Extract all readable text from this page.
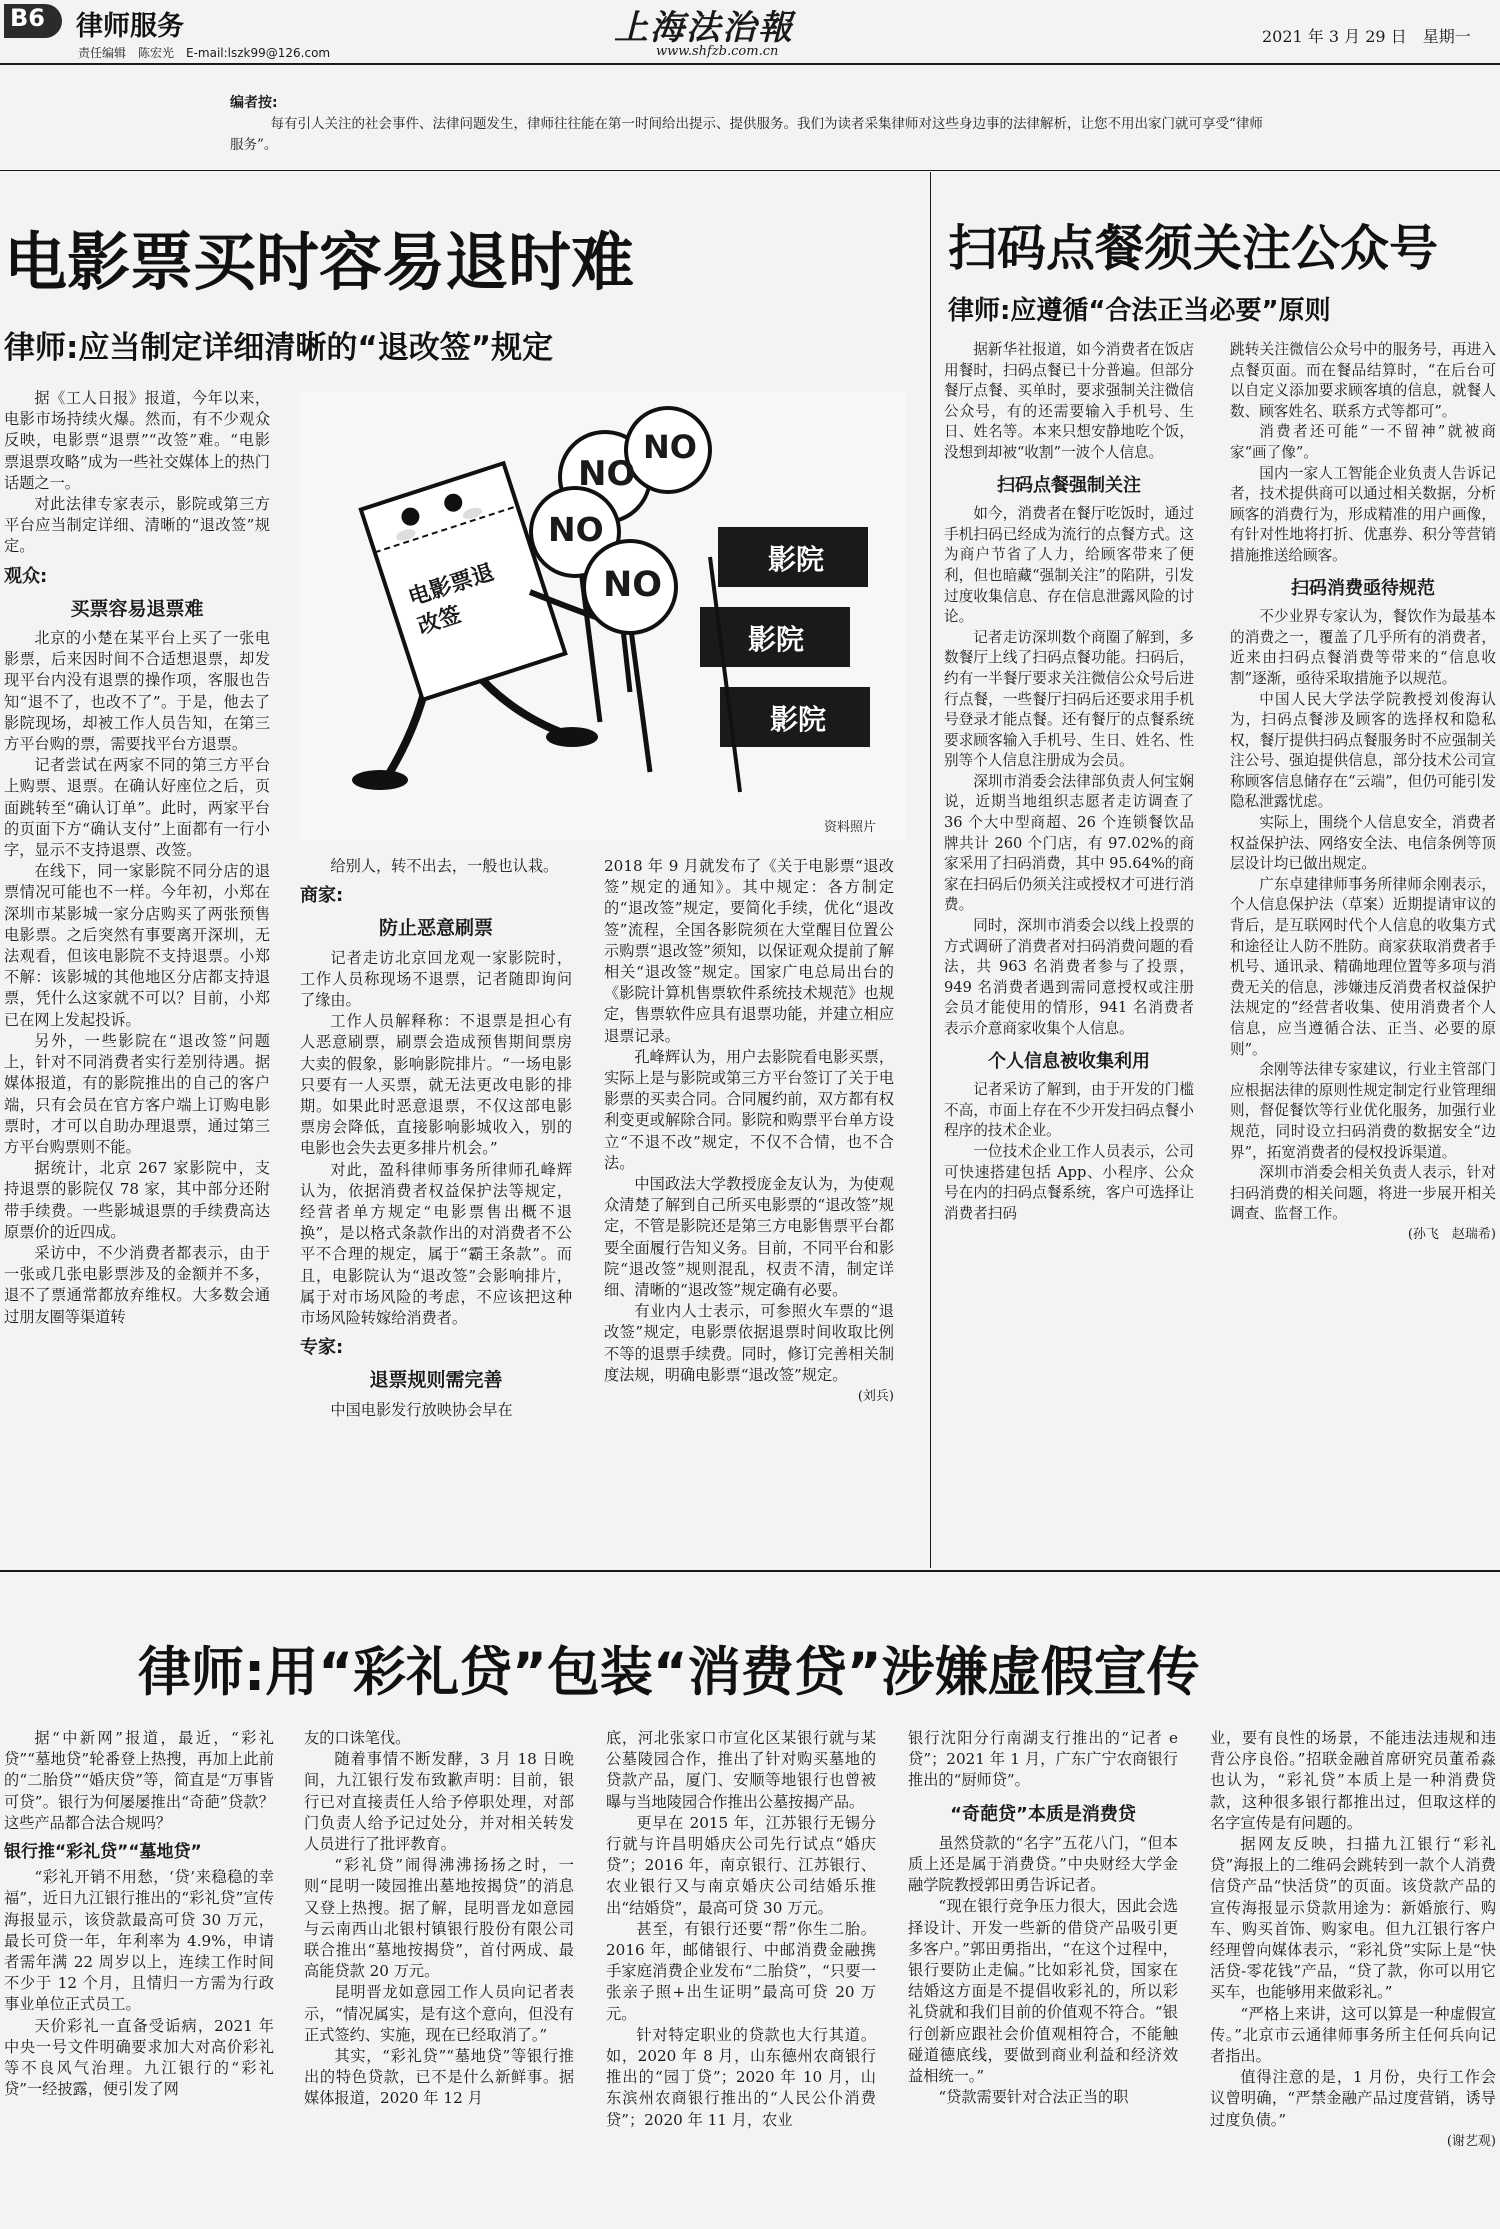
B6 律师服务
责任编辑　陈宏光　E-mail:lszk99@126.com
上海法治報
www.shfzb.com.cn
2021 年 3 月 29 日　星期一
编者按:
每有引人关注的社会事件、法律问题发生，律师往往能在第一时间给出提示、提供服务。我们为读者采集律师对这些身边事的法律解析，让您不用出家门就可享受“律师服务”。
电影票买时容易退时难
律师:应当制定详细清晰的“退改签”规定
电影票退改签
NO
NO
NO
NO
影院
影院
影院
资料照片

据《工人日报》报道，今年以来，电影市场持续火爆。然而，有不少观众反映，电影票“退票”“改签”难。“电影票退票攻略”成为一些社交媒体上的热门话题之一。

对此法律专家表示，影院或第三方平台应当制定详细、清晰的“退改签”规定。

观众:
买票容易退票难

北京的小楚在某平台上买了一张电影票，后来因时间不合适想退票，却发现平台内没有退票的操作项，客服也告知“退不了，也改不了”。于是，他去了影院现场，却被工作人员告知，在第三方平台购的票，需要找平台方退票。

记者尝试在两家不同的第三方平台上购票、退票。在确认好座位之后，页面跳转至“确认订单”。此时，两家平台的页面下方“确认支付”上面都有一行小字，显示不支持退票、改签。

在线下，同一家影院不同分店的退票情况可能也不一样。今年初，小郑在深圳市某影城一家分店购买了两张预售电影票。之后突然有事要离开深圳，无法观看，但该电影院不支持退票。小郑不解：该影城的其他地区分店都支持退票，凭什么这家就不可以？目前，小郑已在网上发起投诉。

另外，一些影院在“退改签”问题上，针对不同消费者实行差别待遇。据媒体报道，有的影院推出的自己的客户端，只有会员在官方客户端上订购电影票时，才可以自助办理退票，通过第三方平台购票则不能。

据统计，北京 267 家影院中，支持退票的影院仅 78 家，其中部分还附带手续费。一些影城退票的手续费高达原票价的近四成。

采访中，不少消费者都表示，由于一张或几张电影票涉及的金额并不多，退不了票通常都放弃维权。大多数会通过朋友圈等渠道转

给别人，转不出去，一般也认栽。

商家:
防止恶意刷票

记者走访北京回龙观一家影院时，工作人员称现场不退票，记者随即询问了缘由。

工作人员解释称：不退票是担心有人恶意刷票，刷票会造成预售期间票房大卖的假象，影响影院排片。“一场电影只要有一人买票，就无法更改电影的排期。如果此时恶意退票，不仅这部电影票房会降低，直接影响影城收入，别的电影也会失去更多排片机会。”

对此，盈科律师事务所律师孔峰辉认为，依据消费者权益保护法等规定，经营者单方规定“电影票售出概不退换”，是以格式条款作出的对消费者不公平不合理的规定，属于“霸王条款”。而且，电影院认为“退改签”会影响排片，属于对市场风险的考虑，不应该把这种市场风险转嫁给消费者。

专家:
退票规则需完善

中国电影发行放映协会早在

2018 年 9 月就发布了《关于电影票“退改签”规定的通知》。其中规定：各方制定的“退改签”规定，要简化手续，优化“退改签”流程，全国各影院须在大堂醒目位置公示购票“退改签”须知，以保证观众提前了解相关“退改签”规定。国家广电总局出台的《影院计算机售票软件系统技术规范》也规定，售票软件应具有退票功能，并建立相应退票记录。

孔峰辉认为，用户去影院看电影买票，实际上是与影院或第三方平台签订了关于电影票的买卖合同。合同履约前，双方都有权利变更或解除合同。影院和购票平台单方设立“不退不改”规定，不仅不合情，也不合法。

中国政法大学教授庞金友认为，为使观众清楚了解到自己所买电影票的“退改签”规定，不管是影院还是第三方电影售票平台都要全面履行告知义务。目前，不同平台和影院“退改签”规则混乱，权责不清，制定详细、清晰的“退改签”规定确有必要。

有业内人士表示，可参照火车票的“退改签”规定，电影票依据退票时间收取比例不等的退票手续费。同时，修订完善相关制度法规，明确电影票“退改签”规定。

(刘兵)
扫码点餐须关注公众号
律师:应遵循“合法正当必要”原则

据新华社报道，如今消费者在饭店用餐时，扫码点餐已十分普遍。但部分餐厅点餐、买单时，要求强制关注微信公众号，有的还需要输入手机号、生日、姓名等。本来只想安静地吃个饭，没想到却被“收割”一波个人信息。

扫码点餐强制关注

如今，消费者在餐厅吃饭时，通过手机扫码已经成为流行的点餐方式。这为商户节省了人力，给顾客带来了便利，但也暗藏“强制关注”的陷阱，引发过度收集信息、存在信息泄露风险的讨论。

记者走访深圳数个商圈了解到，多数餐厅上线了扫码点餐功能。扫码后，约有一半餐厅要求关注微信公众号后进行点餐，一些餐厅扫码后还要求用手机号登录才能点餐。还有餐厅的点餐系统要求顾客输入手机号、生日、姓名、性别等个人信息注册成为会员。

深圳市消委会法律部负责人何宝娴说，近期当地组织志愿者走访调查了 36 个大中型商超、26 个连锁餐饮品牌共计 260 个门店，有 97.02%的商家采用了扫码消费，其中 95.64%的商家在扫码后仍须关注或授权才可进行消费。

同时，深圳市消委会以线上投票的方式调研了消费者对扫码消费问题的看法，共 963 名消费者参与了投票，949 名消费者遇到需同意授权或注册会员才能使用的情形，941 名消费者表示介意商家收集个人信息。

个人信息被收集利用

记者采访了解到，由于开发的门槛不高，市面上存在不少开发扫码点餐小程序的技术企业。

一位技术企业工作人员表示，公司可快速搭建包括 App、小程序、公众号在内的扫码点餐系统，客户可选择让消费者扫码

跳转关注微信公众号中的服务号，再进入点餐页面。而在餐品结算时，“在后台可以自定义添加要求顾客填的信息，就餐人数、顾客姓名、联系方式等都可”。

消费者还可能“一不留神”就被商家“画了像”。

国内一家人工智能企业负责人告诉记者，技术提供商可以通过相关数据，分析顾客的消费行为，形成精准的用户画像，有针对性地将打折、优惠券、积分等营销措施推送给顾客。

扫码消费亟待规范

不少业界专家认为，餐饮作为最基本的消费之一，覆盖了几乎所有的消费者，近来由扫码点餐消费等带来的“信息收割”逐渐，亟待采取措施予以规范。

中国人民大学法学院教授刘俊海认为，扫码点餐涉及顾客的选择权和隐私权，餐厅提供扫码点餐服务时不应强制关注公号、强迫提供信息，部分技术公司宣称顾客信息储存在“云端”，但仍可能引发隐私泄露忧虑。

实际上，围绕个人信息安全，消费者权益保护法、网络安全法、电信条例等顶层设计均已做出规定。

广东卓建律师事务所律师余刚表示，个人信息保护法（草案）近期提请审议的背后，是互联网时代个人信息的收集方式和途径让人防不胜防。商家获取消费者手机号、通讯录、精确地理位置等多项与消费无关的信息，涉嫌违反消费者权益保护法规定的“经营者收集、使用消费者个人信息，应当遵循合法、正当、必要的原则”。

余刚等法律专家建议，行业主管部门应根据法律的原则性规定制定行业管理细则，督促餐饮等行业优化服务，加强行业规范，同时设立扫码消费的数据安全“边界”，拓宽消费者的侵权投诉渠道。

深圳市消委会相关负责人表示，针对扫码消费的相关问题，将进一步展开相关调查、监督工作。

(孙飞　赵瑞希)
律师:用“彩礼贷”包装“消费贷”涉嫌虚假宣传

据“中新网”报道，最近，“彩礼贷”“墓地贷”轮番登上热搜，再加上此前的“二胎贷”“婚庆贷”等，简直是“万事皆可贷”。银行为何屡屡推出“奇葩”贷款？这些产品都合法合规吗？

银行推“彩礼贷”“墓地贷”

“彩礼开销不用愁，‘贷’来稳稳的幸福”，近日九江银行推出的“彩礼贷”宣传海报显示，该贷款最高可贷 30 万元，最长可贷一年，年利率为 4.9%，申请者需年满 22 周岁以上，连续工作时间不少于 12 个月，且情归一方需为行政事业单位正式员工。

天价彩礼一直备受诟病，2021 年中央一号文件明确要求加大对高价彩礼等不良风气治理。九江银行的“彩礼贷”一经披露，便引发了网

友的口诛笔伐。

随着事情不断发酵，3 月 18 日晚间，九江银行发布致歉声明：目前，银行已对直接责任人给予停职处理，对部门负责人给予记过处分，并对相关转发人员进行了批评教育。

“彩礼贷”闹得沸沸扬扬之时，一则“昆明一陵园推出墓地按揭贷”的消息又登上热搜。据了解，昆明晋龙如意园与云南西山北银村镇银行股份有限公司联合推出“墓地按揭贷”，首付两成、最高能贷款 20 万元。

昆明晋龙如意园工作人员向记者表示，“情况属实，是有这个意向，但没有正式签约、实施，现在已经取消了。”

其实，“彩礼贷”“墓地贷”等银行推出的特色贷款，已不是什么新鲜事。据媒体报道，2020 年 12 月

底，河北张家口市宣化区某银行就与某公墓陵园合作，推出了针对购买墓地的贷款产品，厦门、安顺等地银行也曾被曝与当地陵园合作推出公墓按揭产品。

更早在 2015 年，江苏银行无锡分行就与许昌明婚庆公司先行试点“婚庆贷”；2016 年，南京银行、江苏银行、农业银行又与南京婚庆公司结婚乐推出“结婚贷”，最高可贷 30 万元。

甚至，有银行还要“帮”你生二胎。2016 年，邮储银行、中邮消费金融携手家庭消费企业发布“二胎贷”，“只要一张亲子照+出生证明”最高可贷 20 万元。

针对特定职业的贷款也大行其道。如，2020 年 8 月，山东德州农商银行推出的“园丁贷”；2020 年 10 月，山东滨州农商银行推出的“人民公仆消费贷”；2020 年 11 月，农业

银行沈阳分行南湖支行推出的“记者 e 贷”；2021 年 1 月，广东广宁农商银行推出的“厨师贷”。

“奇葩贷”本质是消费贷

虽然贷款的“名字”五花八门，“但本质上还是属于消费贷。”中央财经大学金融学院教授郭田勇告诉记者。

“现在银行竞争压力很大，因此会选择设计、开发一些新的借贷产品吸引更多客户。”郭田勇指出，“在这个过程中，银行要防止走偏。”比如彩礼贷，国家在结婚这方面是不提倡收彩礼的，所以彩礼贷就和我们目前的价值观不符合。“银行创新应跟社会价值观相符合，不能触碰道德底线，要做到商业利益和经济效益相统一。”

“贷款需要针对合法正当的职

业，要有良性的场景，不能违法违规和违背公序良俗。”招联金融首席研究员董希淼也认为，“彩礼贷”本质上是一种消费贷款，这种很多银行都推出过，但取这样的名字宣传是有问题的。

据网友反映，扫描九江银行“彩礼贷”海报上的二维码会跳转到一款个人消费信贷产品“快活贷”的页面。该贷款产品的宣传海报显示贷款用途为：新婚旅行、购车、购买首饰、购家电。但九江银行客户经理曾向媒体表示，“彩礼贷”实际上是“快活贷-零花钱”产品，“贷了款，你可以用它买车，也能够用来做彩礼。”

“严格上来讲，这可以算是一种虚假宣传。”北京市云通律师事务所主任何兵向记者指出。

值得注意的是，1 月份，央行工作会议曾明确，“严禁金融产品过度营销，诱导过度负债。”

(谢艺观)
